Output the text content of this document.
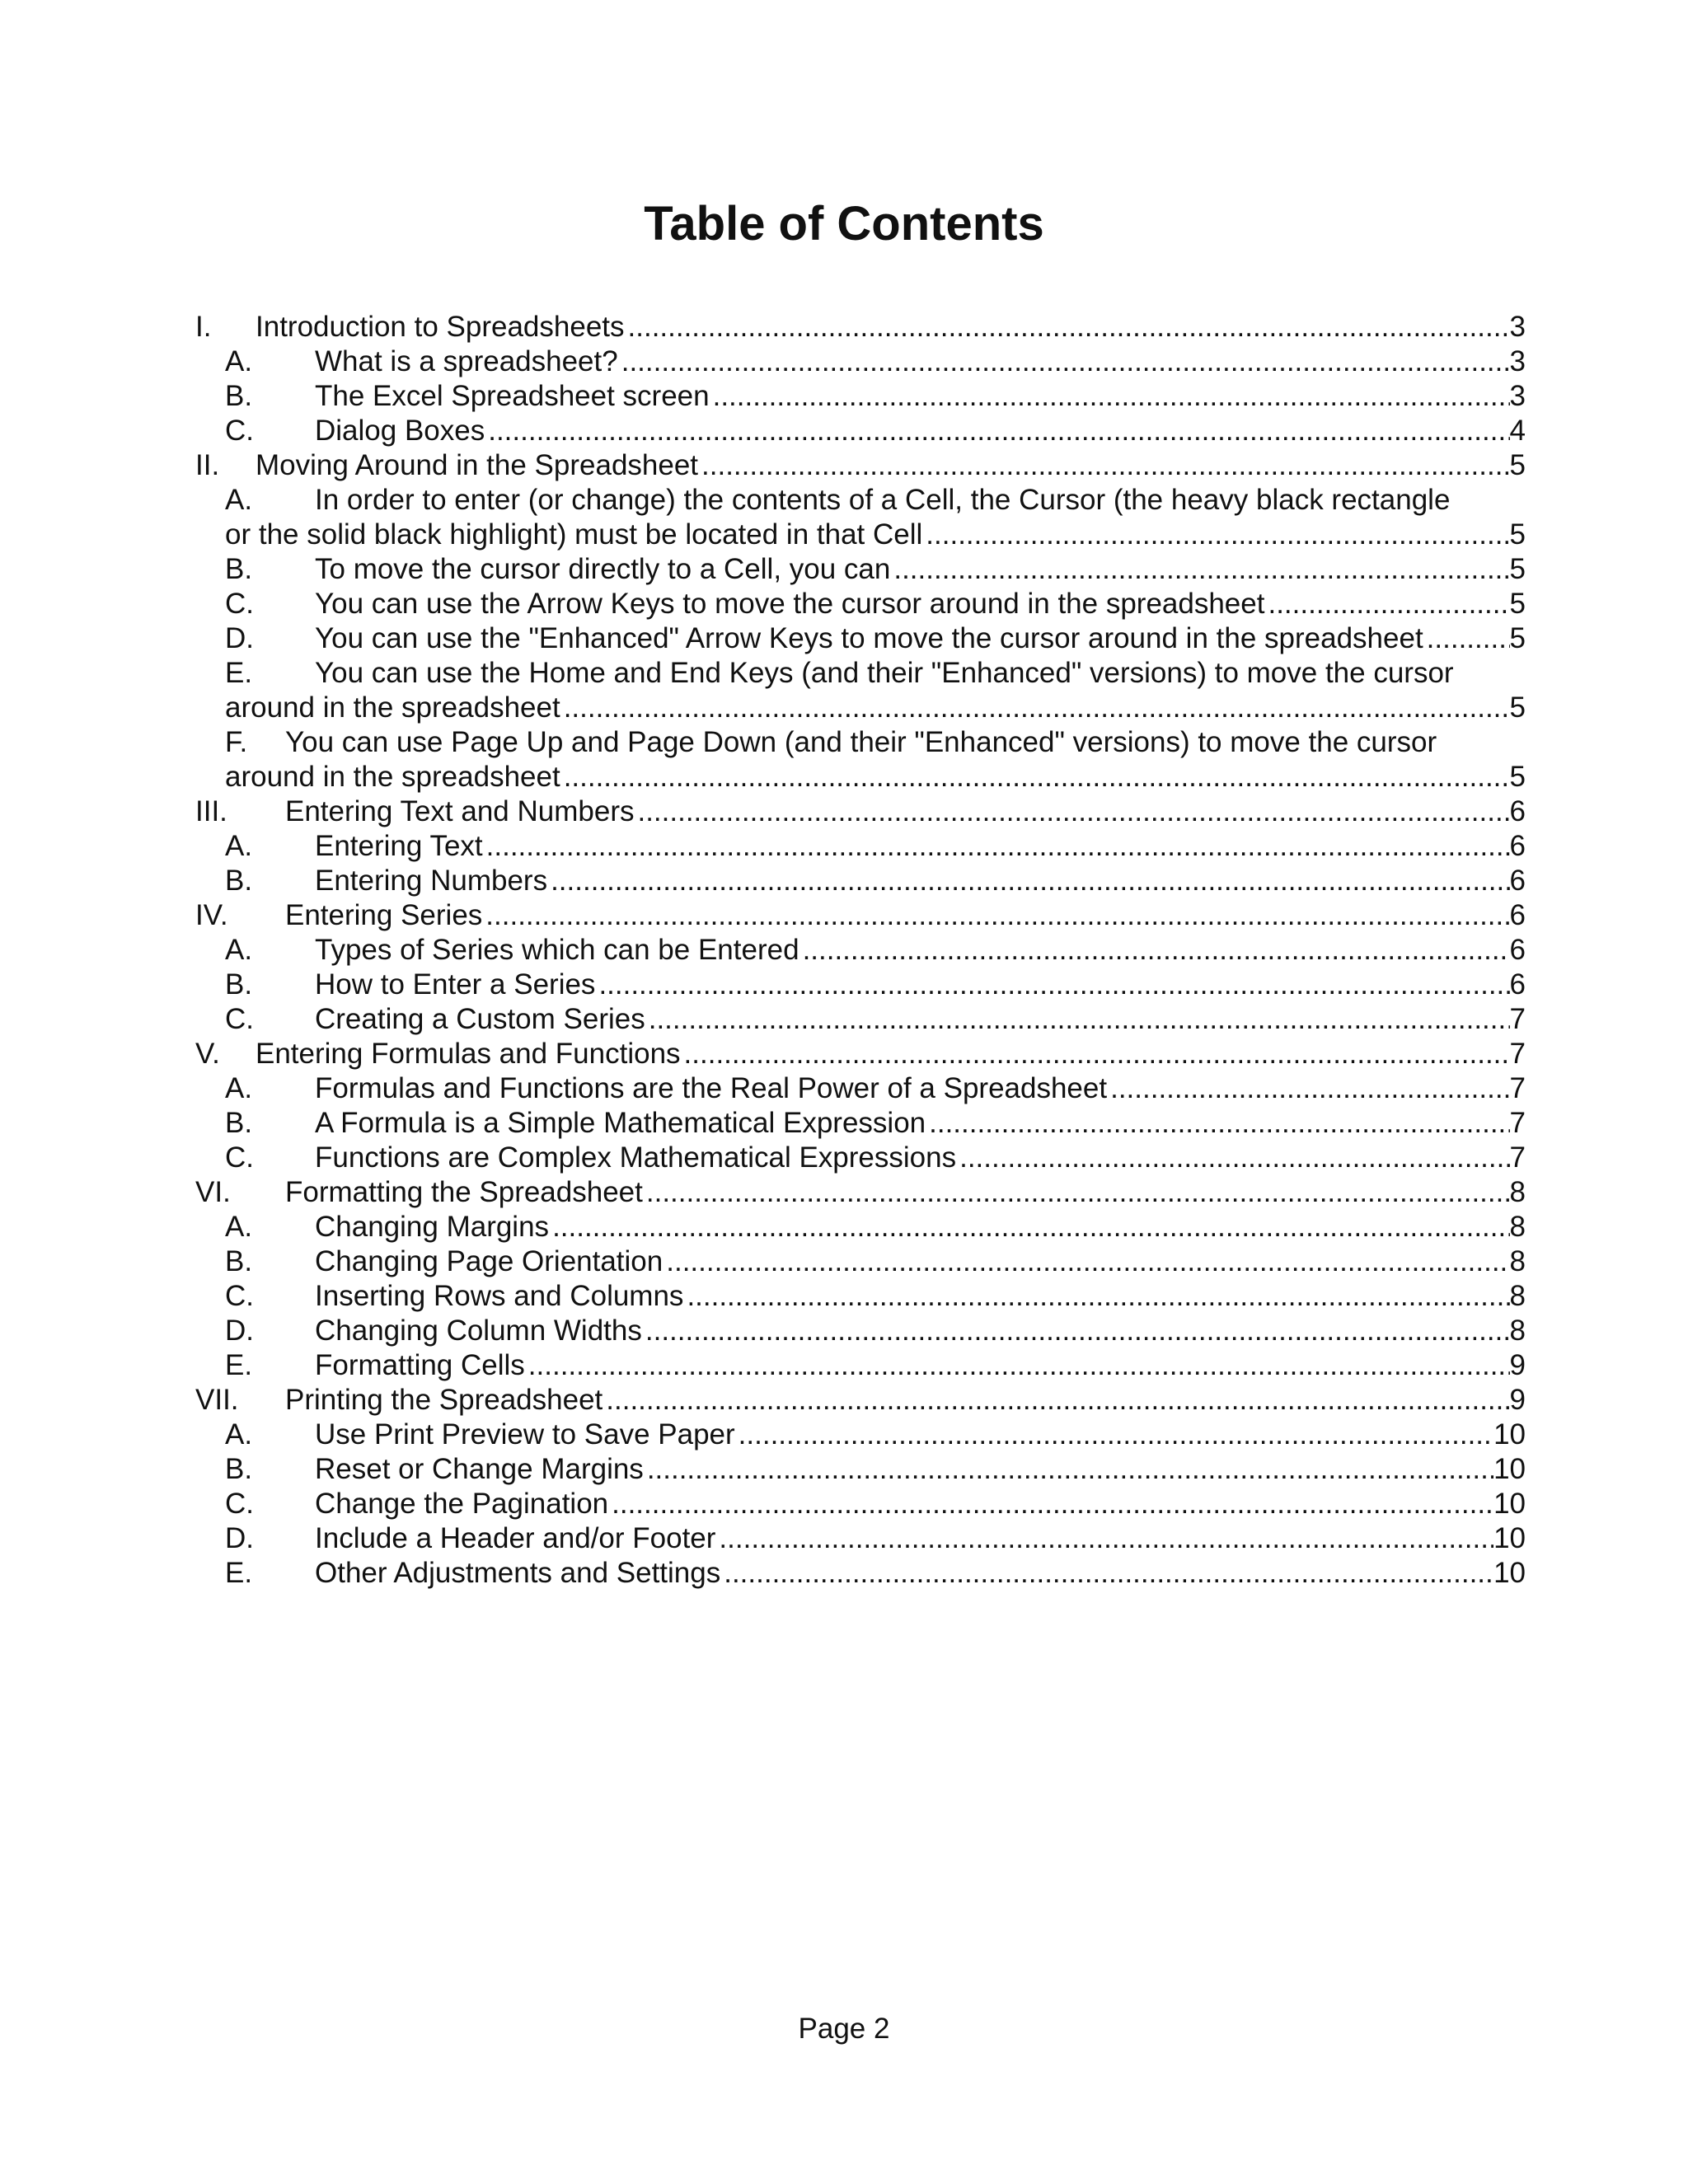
Table of Contents
I.	Introduction to Spreadsheets .....	3
A.	What is a spreadsheet? .....	3
B.	The Excel Spreadsheet screen .....	3
C.	Dialog Boxes .....	4
II.	Moving Around in the Spreadsheet .....	5
A.	In order to enter (or change) the contents of a Cell, the Cursor (the heavy black rectangle
or the solid black highlight) must be located in that Cell .....	5
B.	To move the cursor directly to a Cell, you can .....	5
C.	You can use the Arrow Keys to move the cursor around in the spreadsheet .....	5
D.	You can use the "Enhanced" Arrow Keys to move the cursor around in the spreadsheet .....	5
E.	You can use the Home and End Keys (and their "Enhanced" versions) to move the cursor
around in the spreadsheet .....	5
F.	You can use Page Up and Page Down (and their "Enhanced" versions) to move the cursor
around in the spreadsheet .....	5
III.	Entering Text and Numbers .....	6
A.	Entering Text .....	6
B.	Entering Numbers .....	6
IV.	Entering Series .....	6
A.	Types of Series which can be Entered .....	6
B.	How to Enter a Series .....	6
C.	Creating a Custom Series .....	7
V.	Entering Formulas and Functions .....	7
A.	Formulas and Functions are the Real Power of a Spreadsheet .....	7
B.	A Formula is a Simple Mathematical Expression .....	7
C.	Functions are Complex Mathematical Expressions .....	7
VI.	Formatting the Spreadsheet .....	8
A.	Changing Margins .....	8
B.	Changing Page Orientation .....	8
C.	Inserting Rows and Columns .....	8
D.	Changing Column Widths .....	8
E.	Formatting Cells .....	9
VII.	Printing the Spreadsheet .....	9
A.	Use Print Preview to Save Paper .....	10
B.	Reset or Change Margins .....	10
C.	Change the Pagination .....	10
D.	Include a Header and/or Footer .....	10
E.	Other Adjustments and Settings .....	10
Page 2
